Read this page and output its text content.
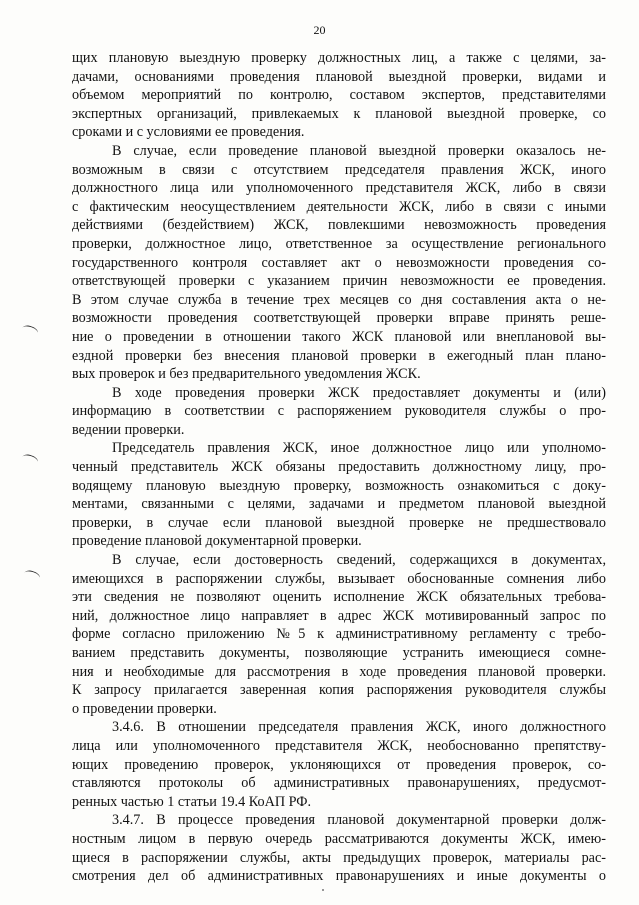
20
щих плановую выездную проверку должностных лиц, а также с целями, за-
дачами, основаниями проведения плановой выездной проверки, видами и
объемом мероприятий по контролю, составом экспертов, представителями
экспертных организаций, привлекаемых к плановой выездной проверке, со
сроками и с условиями ее проведения.
В случае, если проведение плановой выездной проверки оказалось не-
возможным в связи с отсутствием председателя правления ЖСК, иного
должностного лица или уполномоченного представителя ЖСК, либо в связи
с фактическим неосуществлением деятельности ЖСК, либо в связи с иными
действиями (бездействием) ЖСК, повлекшими невозможность проведения
проверки, должностное лицо, ответственное за осуществление регионального
государственного контроля составляет акт о невозможности проведения со-
ответствующей проверки с указанием причин невозможности ее проведения.
В этом случае служба в течение трех месяцев со дня составления акта о не-
возможности проведения соответствующей проверки вправе принять реше-
ние о проведении в отношении такого ЖСК плановой или внеплановой вы-
ездной проверки без внесения плановой проверки в ежегодный план плано-
вых проверок и без предварительного уведомления ЖСК.
В ходе проведения проверки ЖСК предоставляет документы и (или)
информацию в соответствии с распоряжением руководителя службы о про-
ведении проверки.
Председатель правления ЖСК, иное должностное лицо или уполномо-
ченный представитель ЖСК обязаны предоставить должностному лицу, про-
водящему плановую выездную проверку, возможность ознакомиться с доку-
ментами, связанными с целями, задачами и предметом плановой выездной
проверки, в случае если плановой выездной проверке не предшествовало
проведение плановой документарной проверки.
В случае, если достоверность сведений, содержащихся в документах,
имеющихся в распоряжении службы, вызывает обоснованные сомнения либо
эти сведения не позволяют оценить исполнение ЖСК обязательных требова-
ний, должностное лицо направляет в адрес ЖСК мотивированный запрос по
форме согласно приложению №5 к административному регламенту с требо-
ванием представить документы, позволяющие устранить имеющиеся сомне-
ния и необходимые для рассмотрения в ходе проведения плановой проверки.
К запросу прилагается заверенная копия распоряжения руководителя службы
о проведении проверки.
3.4.6. В отношении председателя правления ЖСК, иного должностного
лица или уполномоченного представителя ЖСК, необоснованно препятству-
ющих проведению проверок, уклоняющихся от проведения проверок, со-
ставляются протоколы об административных правонарушениях, предусмот-
ренных частью 1 статьи 19.4 КоАП РФ.
3.4.7. В процессе проведения плановой документарной проверки долж-
ностным лицом в первую очередь рассматриваются документы ЖСК, имею-
щиеся в распоряжении службы, акты предыдущих проверок, материалы рас-
смотрения дел об административных правонарушениях и иные документы о
